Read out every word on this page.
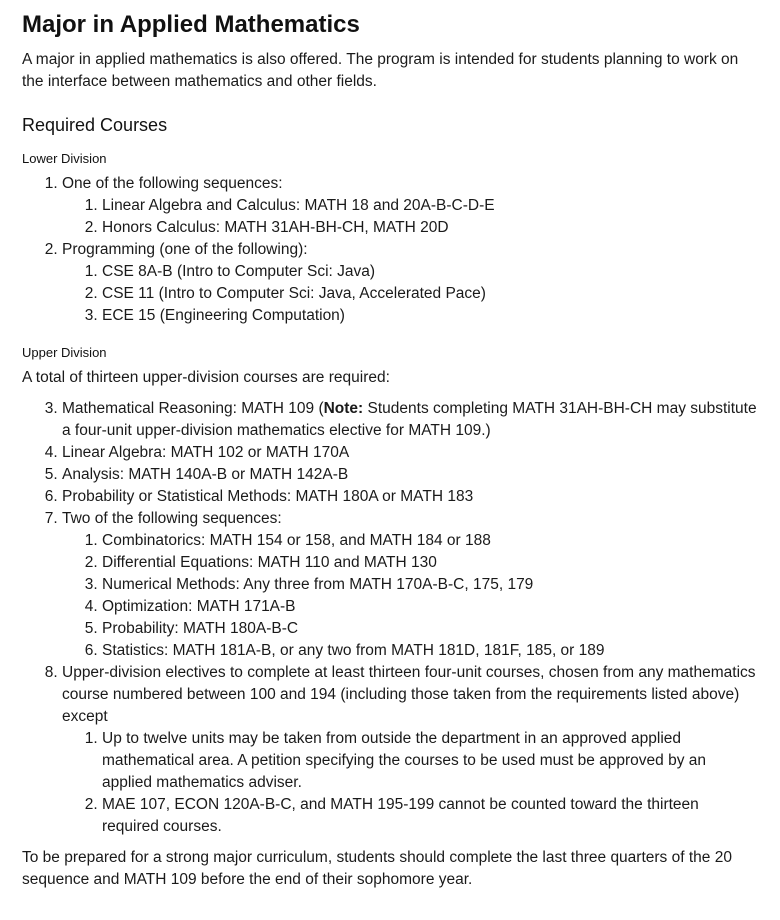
Major in Applied Mathematics

A major in applied mathematics is also offered. The program is intended for students planning to work on the interface between mathematics and other fields.

Required Courses
Lower Division
1. One of the following sequences:
1. Linear Algebra and Calculus: MATH 18 and 20A-B-C-D-E
2. Honors Calculus: MATH 31AH-BH-CH, MATH 20D
2. Programming (one of the following):
1. CSE 8A-B (Intro to Computer Sci: Java)
2. CSE 11 (Intro to Computer Sci: Java, Accelerated Pace)
3. ECE 15 (Engineering Computation)
Upper Division

A total of thirteen upper-division courses are required:

3. Mathematical Reasoning: MATH 109 (Note: Students completing MATH 31AH-BH-CH may substitute a four-unit upper-division mathematics elective for MATH 109.)
4. Linear Algebra: MATH 102 or MATH 170A
5. Analysis: MATH 140A-B or MATH 142A-B
6. Probability or Statistical Methods: MATH 180A or MATH 183
7. Two of the following sequences:
1. Combinatorics: MATH 154 or 158, and MATH 184 or 188
2. Differential Equations: MATH 110 and MATH 130
3. Numerical Methods: Any three from MATH 170A-B-C, 175, 179
4. Optimization: MATH 171A-B
5. Probability: MATH 180A-B-C
6. Statistics: MATH 181A-B, or any two from MATH 181D, 181F, 185, or 189
8. Upper-division electives to complete at least thirteen four-unit courses, chosen from any mathematics course numbered between 100 and 194 (including those taken from the requirements listed above) except
1. Up to twelve units may be taken from outside the department in an approved applied mathematical area. A petition specifying the courses to be used must be approved by an applied mathematics adviser.
2. MAE 107, ECON 120A-B-C, and MATH 195-199 cannot be counted toward the thirteen required courses.

To be prepared for a strong major curriculum, students should complete the last three quarters of the 20 sequence and MATH 109 before the end of their sophomore year.
